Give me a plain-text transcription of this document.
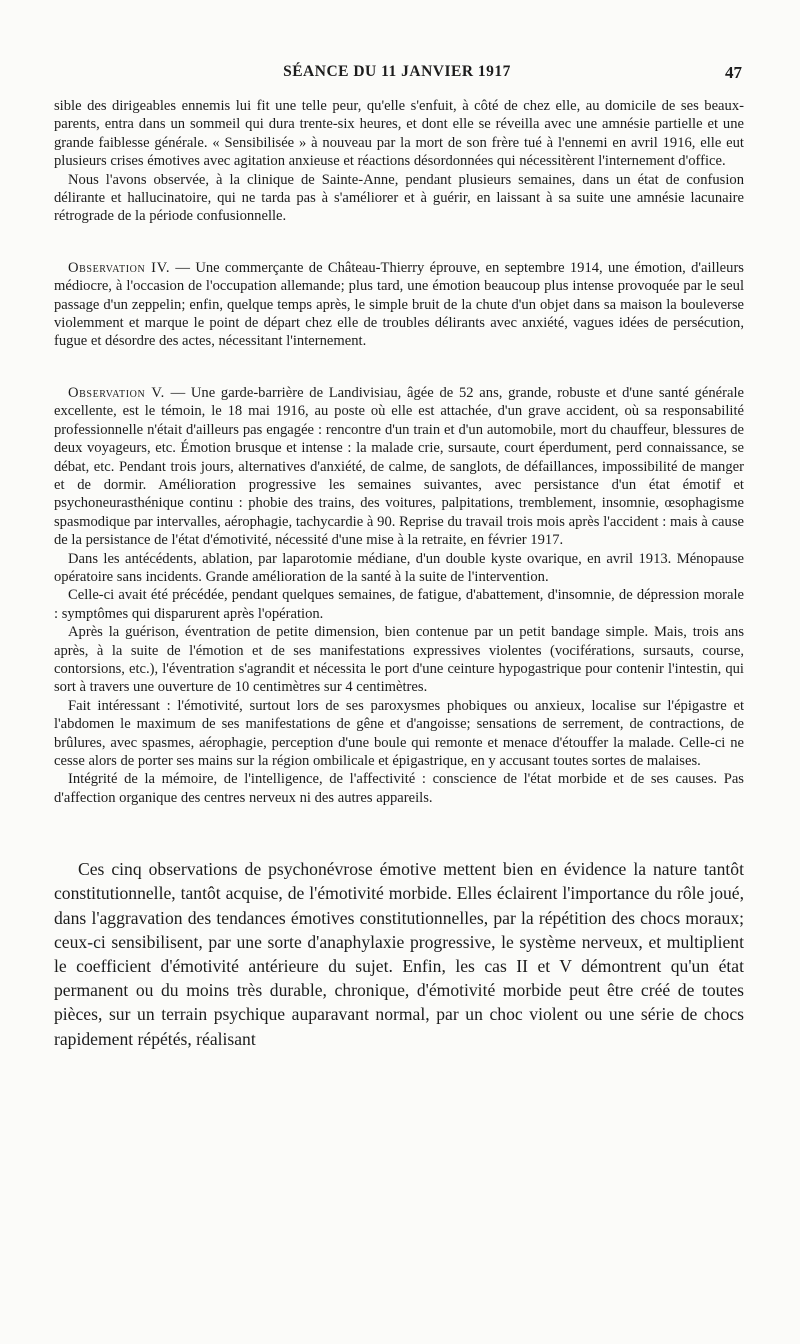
SÉANCE DU 11 JANVIER 1917	47

sible des dirigeables ennemis lui fit une telle peur, qu'elle s'enfuit, à côté de chez elle, au domicile de ses beaux-parents, entra dans un sommeil qui dura trente-six heures, et dont elle se réveilla avec une amnésie partielle et une grande faiblesse générale. « Sensibilisée » à nouveau par la mort de son frère tué à l'ennemi en avril 1916, elle eut plusieurs crises émotives avec agitation anxieuse et réactions désordonnées qui nécessitèrent l'internement d'office.

Nous l'avons observée, à la clinique de Sainte-Anne, pendant plusieurs semaines, dans un état de confusion délirante et hallucinatoire, qui ne tarda pas à s'améliorer et à guérir, en laissant à sa suite une amnésie lacunaire rétrograde de la période confusionnelle.

Observation IV. — Une commerçante de Château-Thierry éprouve, en septembre 1914, une émotion, d'ailleurs médiocre, à l'occasion de l'occupation allemande; plus tard, une émotion beaucoup plus intense provoquée par le seul passage d'un zeppelin; enfin, quelque temps après, le simple bruit de la chute d'un objet dans sa maison la bouleverse violemment et marque le point de départ chez elle de troubles délirants avec anxiété, vagues idées de persécution, fugue et désordre des actes, nécessitant l'internement.

Observation V. — Une garde-barrière de Landivisiau, âgée de 52 ans, grande, robuste et d'une santé générale excellente, est le témoin, le 18 mai 1916, au poste où elle est attachée, d'un grave accident, où sa responsabilité professionnelle n'était d'ailleurs pas engagée : rencontre d'un train et d'un automobile, mort du chauffeur, blessures de deux voyageurs, etc. Émotion brusque et intense : la malade crie, sursaute, court éperdument, perd connaissance, se débat, etc. Pendant trois jours, alternatives d'anxiété, de calme, de sanglots, de défaillances, impossibilité de manger et de dormir. Amélioration progressive les semaines suivantes, avec persistance d'un état émotif et psychoneurasthénique continu : phobie des trains, des voitures, palpitations, tremblement, insomnie, œsophagisme spasmodique par intervalles, aérophagie, tachycardie à 90. Reprise du travail trois mois après l'accident : mais à cause de la persistance de l'état d'émotivité, nécessité d'une mise à la retraite, en février 1917.

Dans les antécédents, ablation, par laparotomie médiane, d'un double kyste ovarique, en avril 1913. Ménopause opératoire sans incidents. Grande amélioration de la santé à la suite de l'intervention.

Celle-ci avait été précédée, pendant quelques semaines, de fatigue, d'abattement, d'insomnie, de dépression morale : symptômes qui disparurent après l'opération.

Après la guérison, éventration de petite dimension, bien contenue par un petit bandage simple. Mais, trois ans après, à la suite de l'émotion et de ses manifestations expressives violentes (vociférations, sursauts, course, contorsions, etc.), l'éventration s'agrandit et nécessita le port d'une ceinture hypogastrique pour contenir l'intestin, qui sort à travers une ouverture de 10 centimètres sur 4 centimètres.

Fait intéressant : l'émotivité, surtout lors de ses paroxysmes phobiques ou anxieux, localise sur l'épigastre et l'abdomen le maximum de ses manifestations de gêne et d'angoisse; sensations de serrement, de contractions, de brûlures, avec spasmes, aérophagie, perception d'une boule qui remonte et menace d'étouffer la malade. Celle-ci ne cesse alors de porter ses mains sur la région ombilicale et épigastrique, en y accusant toutes sortes de malaises.

Intégrité de la mémoire, de l'intelligence, de l'affectivité : conscience de l'état morbide et de ses causes. Pas d'affection organique des centres nerveux ni des autres appareils.

Ces cinq observations de psychonévrose émotive mettent bien en évidence la nature tantôt constitutionnelle, tantôt acquise, de l'émotivité morbide. Elles éclairent l'importance du rôle joué, dans l'aggravation des tendances émotives constitutionnelles, par la répétition des chocs moraux; ceux-ci sensibilisent, par une sorte d'anaphylaxie progressive, le système nerveux, et multiplient le coefficient d'émotivité antérieure du sujet. Enfin, les cas II et V démontrent qu'un état permanent ou du moins très durable, chronique, d'émotivité morbide peut être créé de toutes pièces, sur un terrain psychique auparavant normal, par un choc violent ou une série de chocs rapidement répétés, réalisant
